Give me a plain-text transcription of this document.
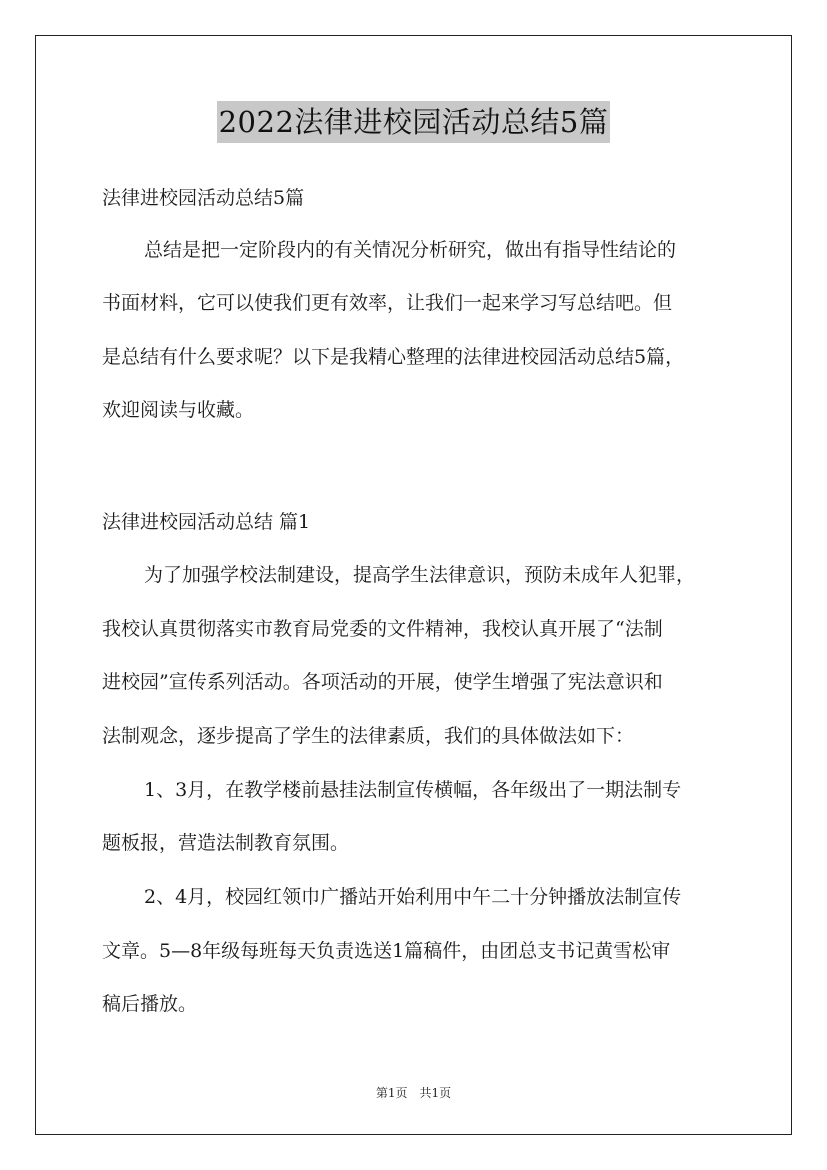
2022法律进校园活动总结5篇
法律进校园活动总结5篇
总结是把一定阶段内的有关情况分析研究，做出有指导性结论的
书面材料，它可以使我们更有效率，让我们一起来学习写总结吧。但
是总结有什么要求呢？以下是我精心整理的法律进校园活动总结5篇，
欢迎阅读与收藏。
法律进校园活动总结 篇1
为了加强学校法制建设，提高学生法律意识，预防未成年人犯罪，
我校认真贯彻落实市教育局党委的文件精神，我校认真开展了“法制
进校园”宣传系列活动。各项活动的开展，使学生增强了宪法意识和
法制观念，逐步提高了学生的法律素质，我们的具体做法如下：
1、3月，在教学楼前悬挂法制宣传横幅，各年级出了一期法制专
题板报，营造法制教育氛围。
2、4月，校园红领巾广播站开始利用中午二十分钟播放法制宣传
文章。5—8年级每班每天负责选送1篇稿件，由团总支书记黄雪松审
稿后播放。
第1页　共1页
